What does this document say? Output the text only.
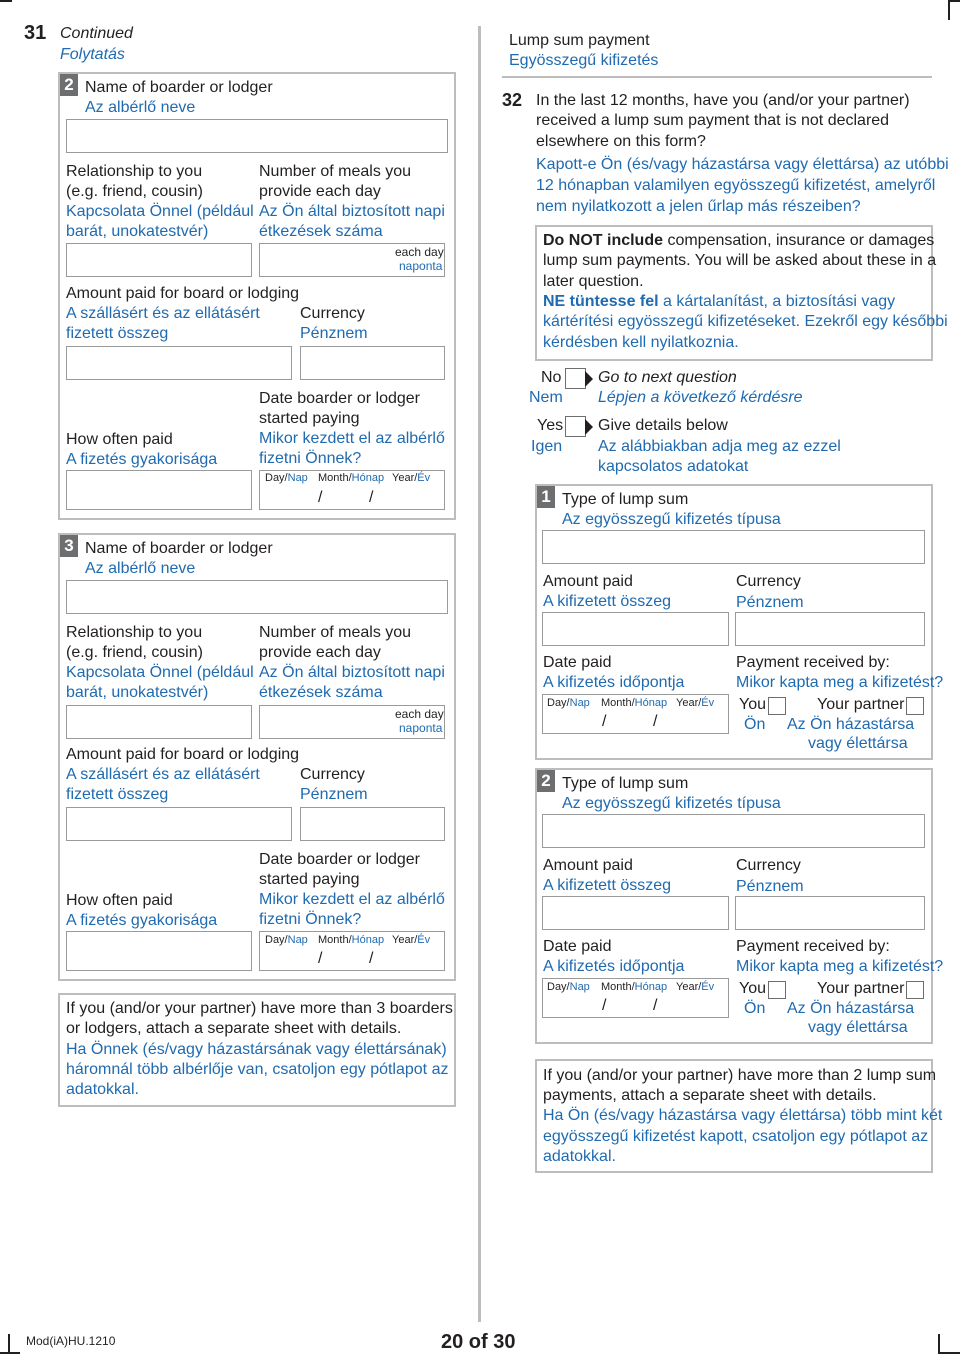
31 Continued
Folytatás
2 Name of boarder or lodger
Az albérlő neve
Relationship to you
(e.g. friend, cousin)
Kapcsolata Önnel (például
barát, unokatestvér)
Number of meals you
provide each day
Az Ön által biztosított napi
étkezések száma
each day
naponta
Amount paid for board or lodging
A szállásért és az ellátásért
fizetett összeg
Currency
Pénznem
Date boarder or lodger
started paying
Mikor kezdett el az albérlő
fizetni Önnek?
How often paid
A fizetés gyakorisága
Day/Nap Month/Hónap Year/Év
/	/
3 Name of boarder or lodger
Az albérlő neve
Relationship to you
(e.g. friend, cousin)
Kapcsolata Önnel (például
barát, unokatestvér)
Number of meals you
provide each day
Az Ön által biztosított napi
étkezések száma
each day
naponta
Amount paid for board or lodging
A szállásért és az ellátásért
fizetett összeg
Currency
Pénznem
Date boarder or lodger
started paying
Mikor kezdett el az albérlő
fizetni Önnek?
How often paid
A fizetés gyakorisága
Day/Nap Month/Hónap Year/Év
/	/
If you (and/or your partner) have more than 3 boarders
or lodgers, attach a separate sheet with details.
Ha Önnek (és/vagy házastársának vagy élettársának)
háromnál több albérlője van, csatoljon egy pótlapot az
adatokkal.
Lump sum payment
Egyösszegű kifizetés
32 In the last 12 months, have you (and/or your partner)
received a lump sum payment that is not declared
elsewhere on this form?
Kapott-e Ön (és/vagy házastársa vagy élettársa) az utóbbi
12 hónapban valamilyen egyösszegű kifizetést, amelyről
nem nyilatkozott a jelen űrlap más részeiben?
Do NOT include compensation, insurance or damages
lump sum payments. You will be asked about these in a
later question.
NE tüntesse fel a kártalanítást, a biztosítási vagy
kártérítési egyösszegű kifizetéseket. Ezekről egy későbbi
kérdésben kell nyilatkoznia.
No
Nem
Go to next question
Lépjen a következő kérdésre
Yes
Igen
Give details below
Az alábbiakban adja meg az ezzel
kapcsolatos adatokat
1 Type of lump sum
Az egyösszegű kifizetés típusa
Amount paid
A kifizetett összeg
Currency
Pénznem
Date paid
A kifizetés időpontja
Payment received by:
Mikor kapta meg a kifizetést?
Day/Nap Month/Hónap Year/Év
/	/
You
Ön
Your partner
Az Ön házastársa
vagy élettársa
2 Type of lump sum
Az egyösszegű kifizetés típusa
Amount paid
A kifizetett összeg
Currency
Pénznem
Date paid
A kifizetés időpontja
Payment received by:
Mikor kapta meg a kifizetést?
Day/Nap Month/Hónap Year/Év
/	/
You
Ön
Your partner
Az Ön házastársa
vagy élettársa
If you (and/or your partner) have more than 2 lump sum
payments, attach a separate sheet with details.
Ha Ön (és/vagy házastársa vagy élettársa) több mint két
egyösszegű kifizetést kapott, csatoljon egy pótlapot az
adatokkal.
Mod(iA)HU.1210	20 of 30
